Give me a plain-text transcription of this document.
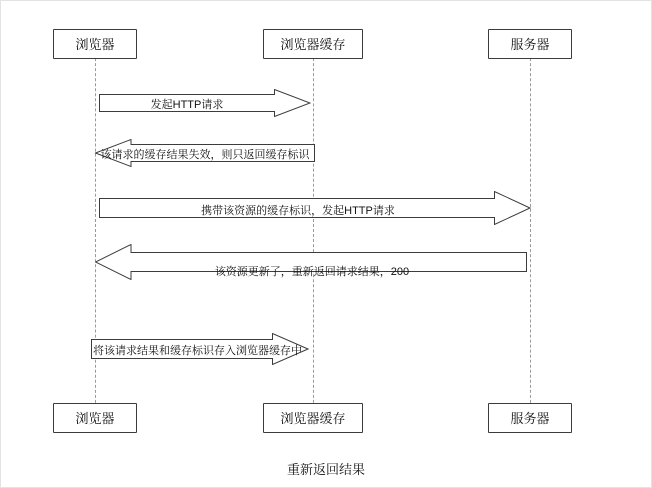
浏览器	浏览器缓存	服务器
发起HTTP请求
该请求的缓存结果失效，则只返回缓存标识
携带该资源的缓存标识，发起HTTP请求
该资源更新了，重新返回请求结果，200
将该请求结果和缓存标识存入浏览器缓存中
浏览器	浏览器缓存	服务器
重新返回结果
